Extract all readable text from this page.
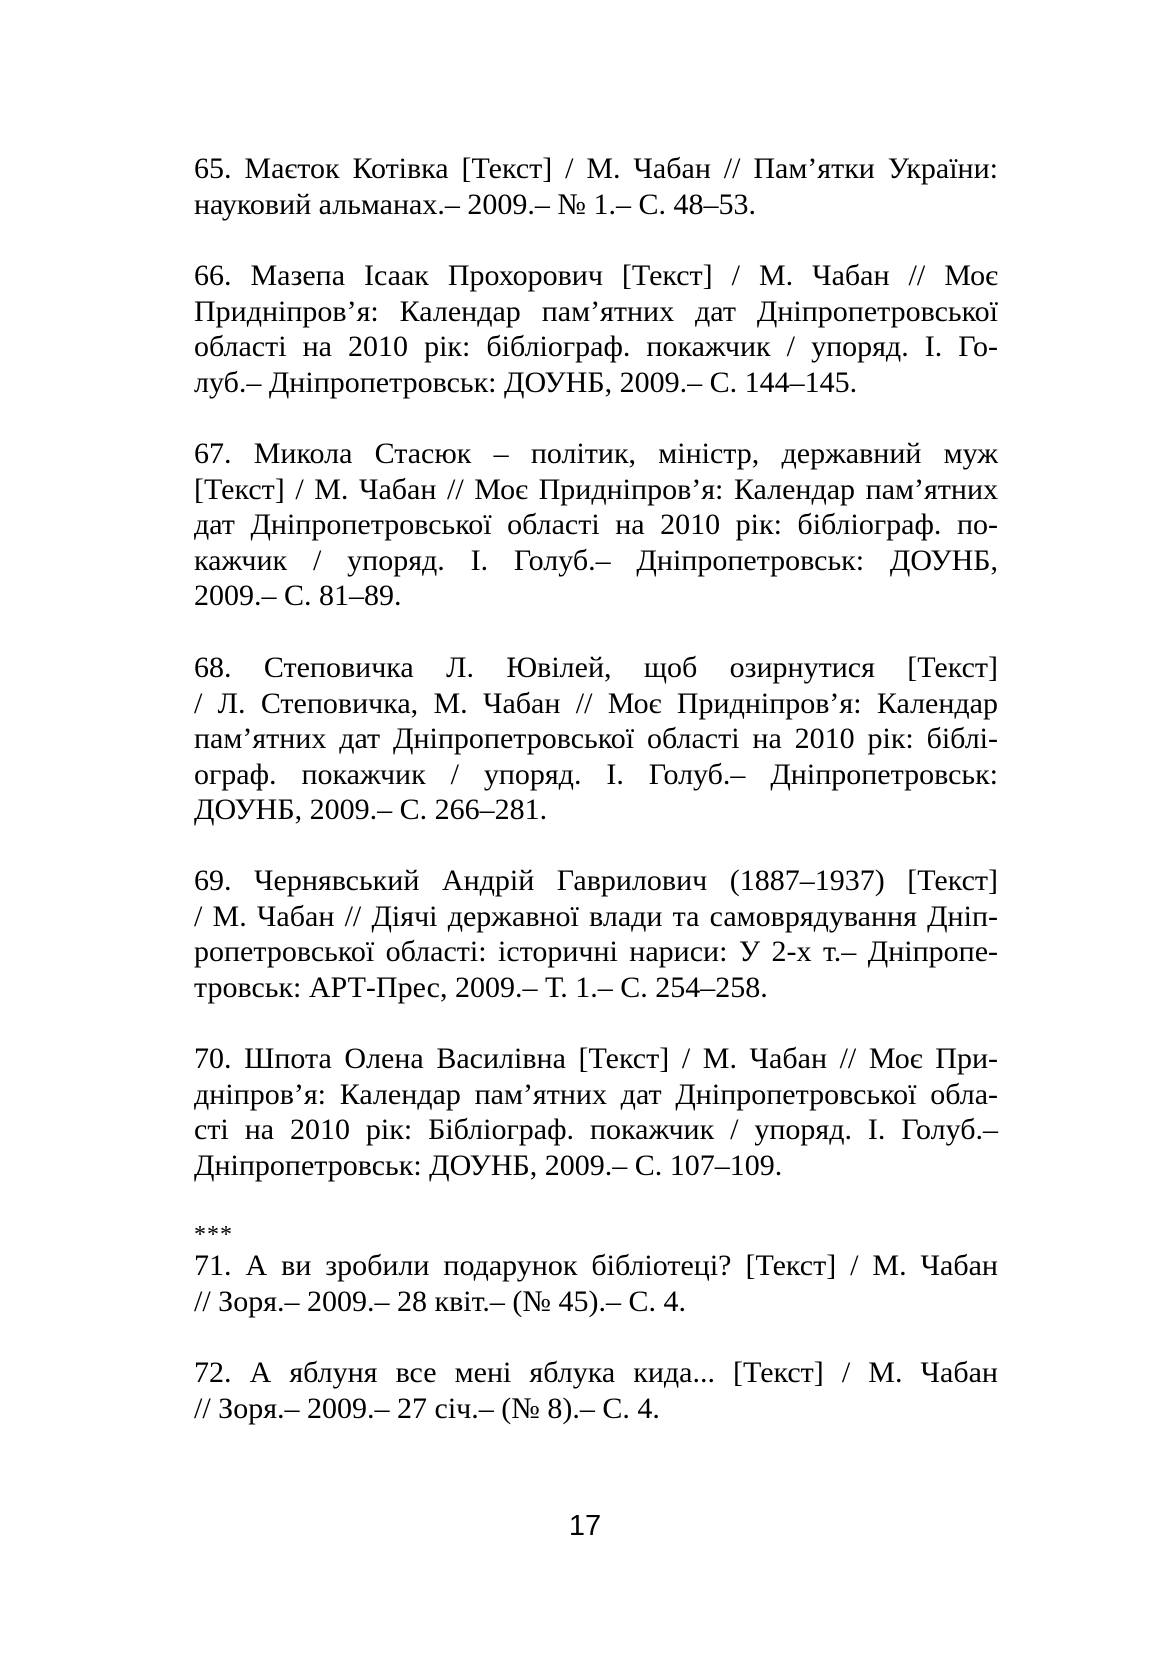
65. Маєток Котівка [Текст] / М. Чабан // Пам’ятки України:
науковий альманах.– 2009.– № 1.– С. 48–53.
66. Мазепа Ісаак Прохорович [Текст] / М. Чабан // Моє
Придніпров’я: Календар пам’ятних дат Дніпропетровської
області на 2010 рік: бібліограф. покажчик / упоряд. І. Го-
луб.– Дніпропетровськ: ДОУНБ, 2009.– С. 144–145.
67. Микола Стасюк – політик, міністр, державний муж
[Текст] / М. Чабан // Моє Придніпров’я: Календар пам’ятних
дат Дніпропетровської області на 2010 рік: бібліограф. по-
кажчик / упоряд. І. Голуб.– Дніпропетровськ: ДОУНБ,
2009.– С. 81–89.
68. Степовичка Л. Ювілей, щоб озирнутися [Текст]
/ Л. Степовичка, М. Чабан // Моє Придніпров’я: Календар
пам’ятних дат Дніпропетровської області на 2010 рік: біблі-
ограф. покажчик / упоряд. І. Голуб.– Дніпропетровськ:
ДОУНБ, 2009.– С. 266–281.
69. Чернявський Андрій Гаврилович (1887–1937) [Текст]
/ М. Чабан // Діячі державної влади та самоврядування Дніп-
ропетровської області: історичні нариси: У 2-х т.– Дніпропе-
тровськ: АРТ-Прес, 2009.– Т. 1.– С. 254–258.
70. Шпота Олена Василівна [Текст] / М. Чабан // Моє При-
дніпров’я: Календар пам’ятних дат Дніпропетровської обла-
сті на 2010 рік: Бібліограф. покажчик / упоряд. І. Голуб.–
Дніпропетровськ: ДОУНБ, 2009.– С. 107–109.
***
71. А ви зробили подарунок бібліотеці? [Текст] / М. Чабан
// Зоря.– 2009.– 28 квіт.– (№ 45).– С. 4.
72. А яблуня все мені яблука кида... [Текст] / М. Чабан
// Зоря.– 2009.– 27 січ.– (№ 8).– С. 4.
17
